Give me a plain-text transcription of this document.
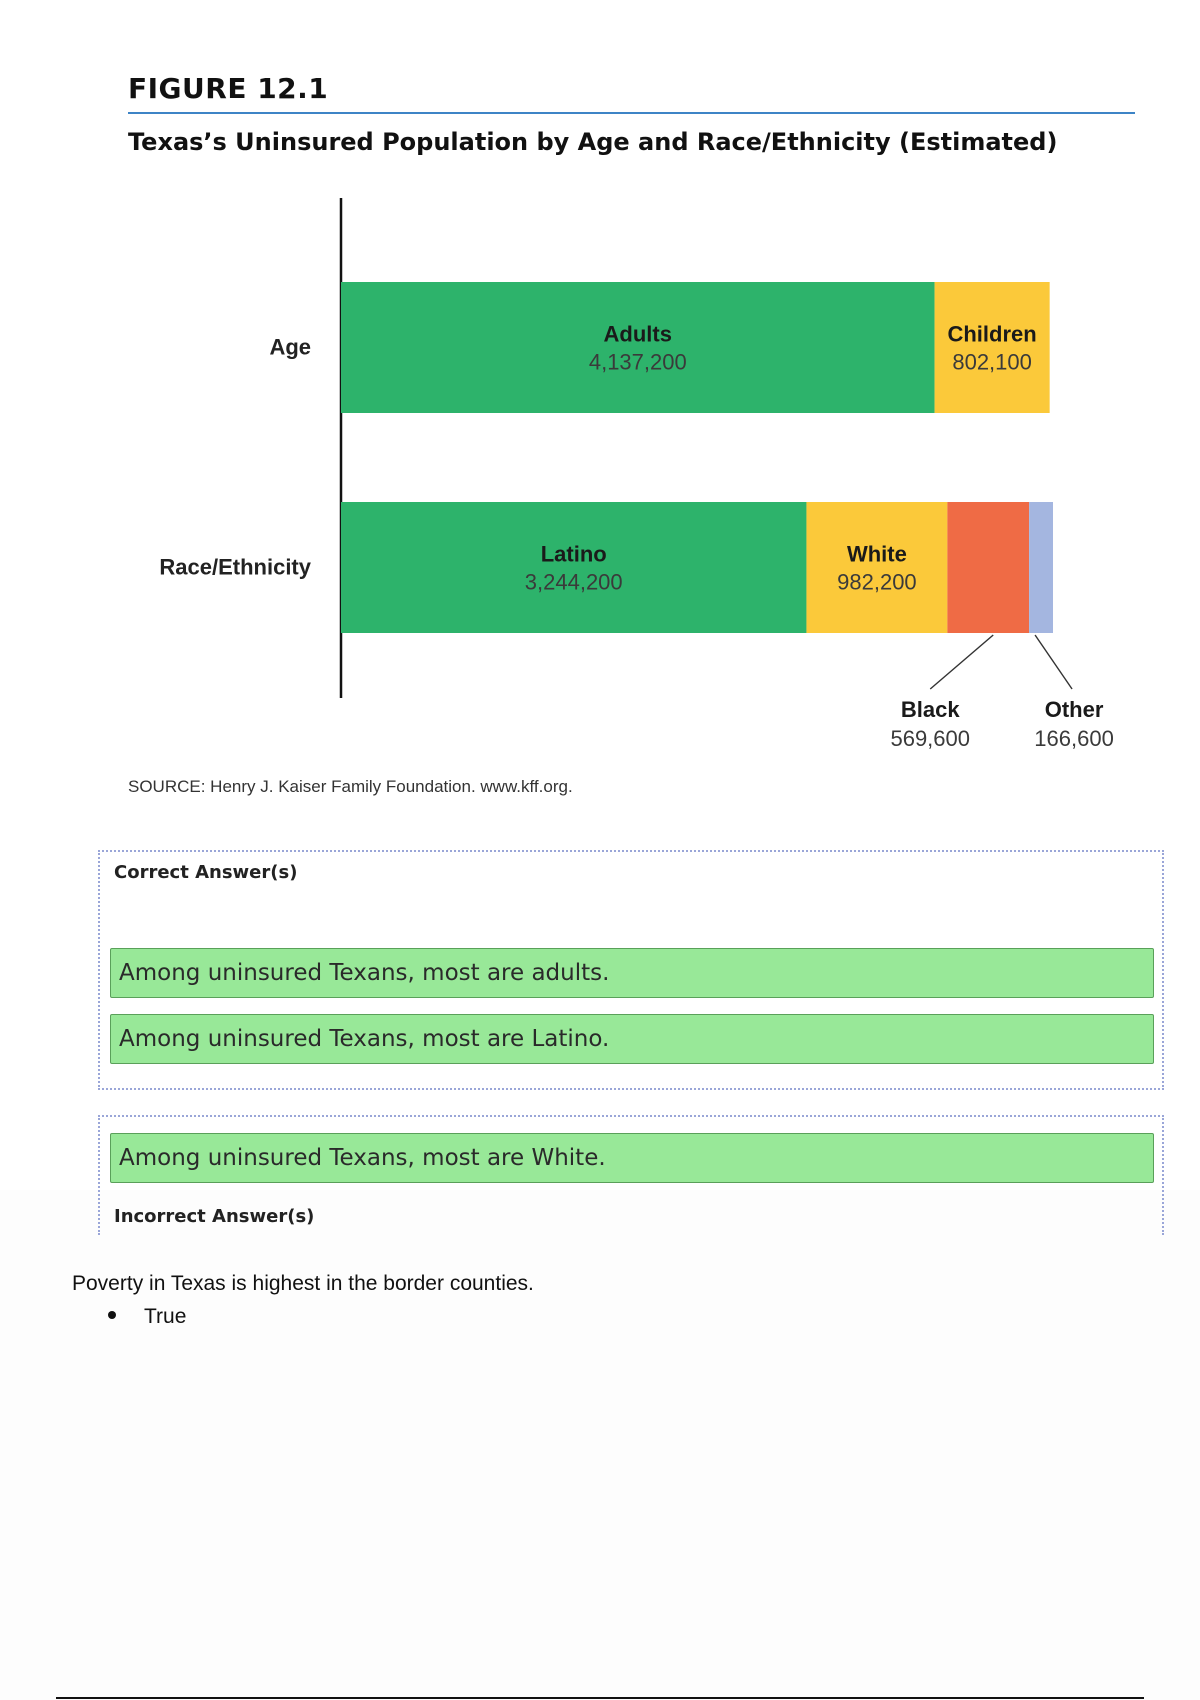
FIGURE 12.1
Texas’s Uninsured Population by Age and Race/Ethnicity (Estimated)
Age
Adults
4,137,200
Children
802,100
Race/Ethnicity
Latino
3,244,200
White
982,200
Black
569,600
Other
166,600
SOURCE: Henry J. Kaiser Family Foundation. www.kff.org.
Correct Answer(s)
Among uninsured Texans, most are adults.
Among uninsured Texans, most are Latino.
Among uninsured Texans, most are White.
Incorrect Answer(s)
Poverty in Texas is highest in the border counties.
True
